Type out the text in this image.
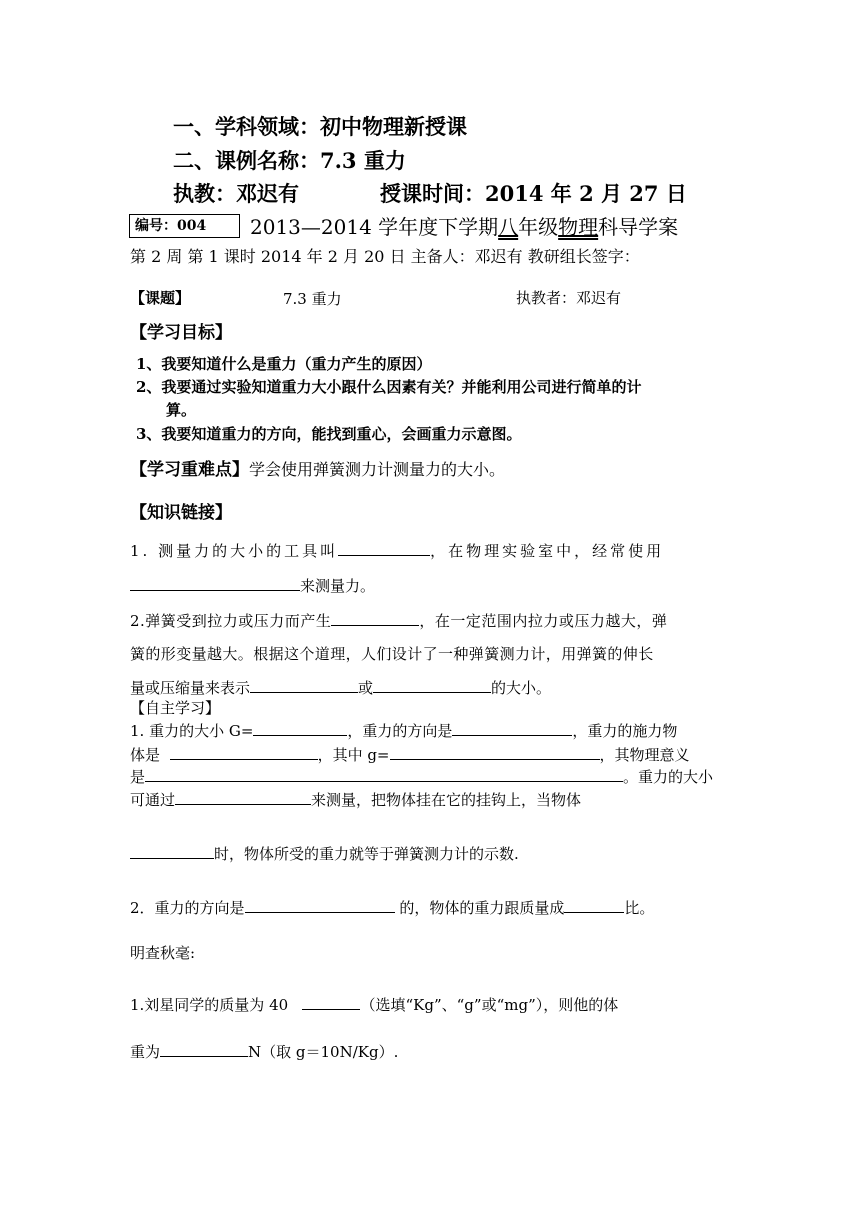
一、学科领域：初中物理新授课
二、课例名称：7.3 重力
执教：邓迟有	授课时间：2014 年 2 月 27 日
编号：004	2013—2014 学年度下学期八年级物理科导学案
第 2 周 第 1 课时 2014 年 2 月 20 日 主备人：邓迟有 教研组长签字：
【课题】	7.3 重力	执教者：邓迟有
【学习目标】
1、我要知道什么是重力（重力产生的原因）
2、我要通过实验知道重力大小跟什么因素有关？并能利用公司进行简单的计
算。
3、我要知道重力的方向，能找到重心，会画重力示意图。
【学习重难点】学会使用弹簧测力计测量力的大小。
【知识链接】
1. 测量力的大小的工具叫	，在物理实验室中，经常使用
来测量力。
2.弹簧受到拉力或压力而产生	，在一定范围内拉力或压力越大，弹
簧的形变量越大。根据这个道理，人们设计了一种弹簧测力计，用弹簧的伸长
量或压缩量来表示	或	的大小。
【自主学习】
1. 重力的大小 G=	，重力的方向是	，重力的施力物
体是	，其中 g=	，其物理意义
是	。重力的大小
可通过	来测量，把物体挂在它的挂钩上，当物体
时，物体所受的重力就等于弹簧测力计的示数.
2．重力的方向是	的，物体的重力跟质量成	比。
明查秋毫:
1.刘星同学的质量为 40	（选填“Kg”、“g”或“mg”），则他的体
重为	N（取 g＝10N/Kg）.
